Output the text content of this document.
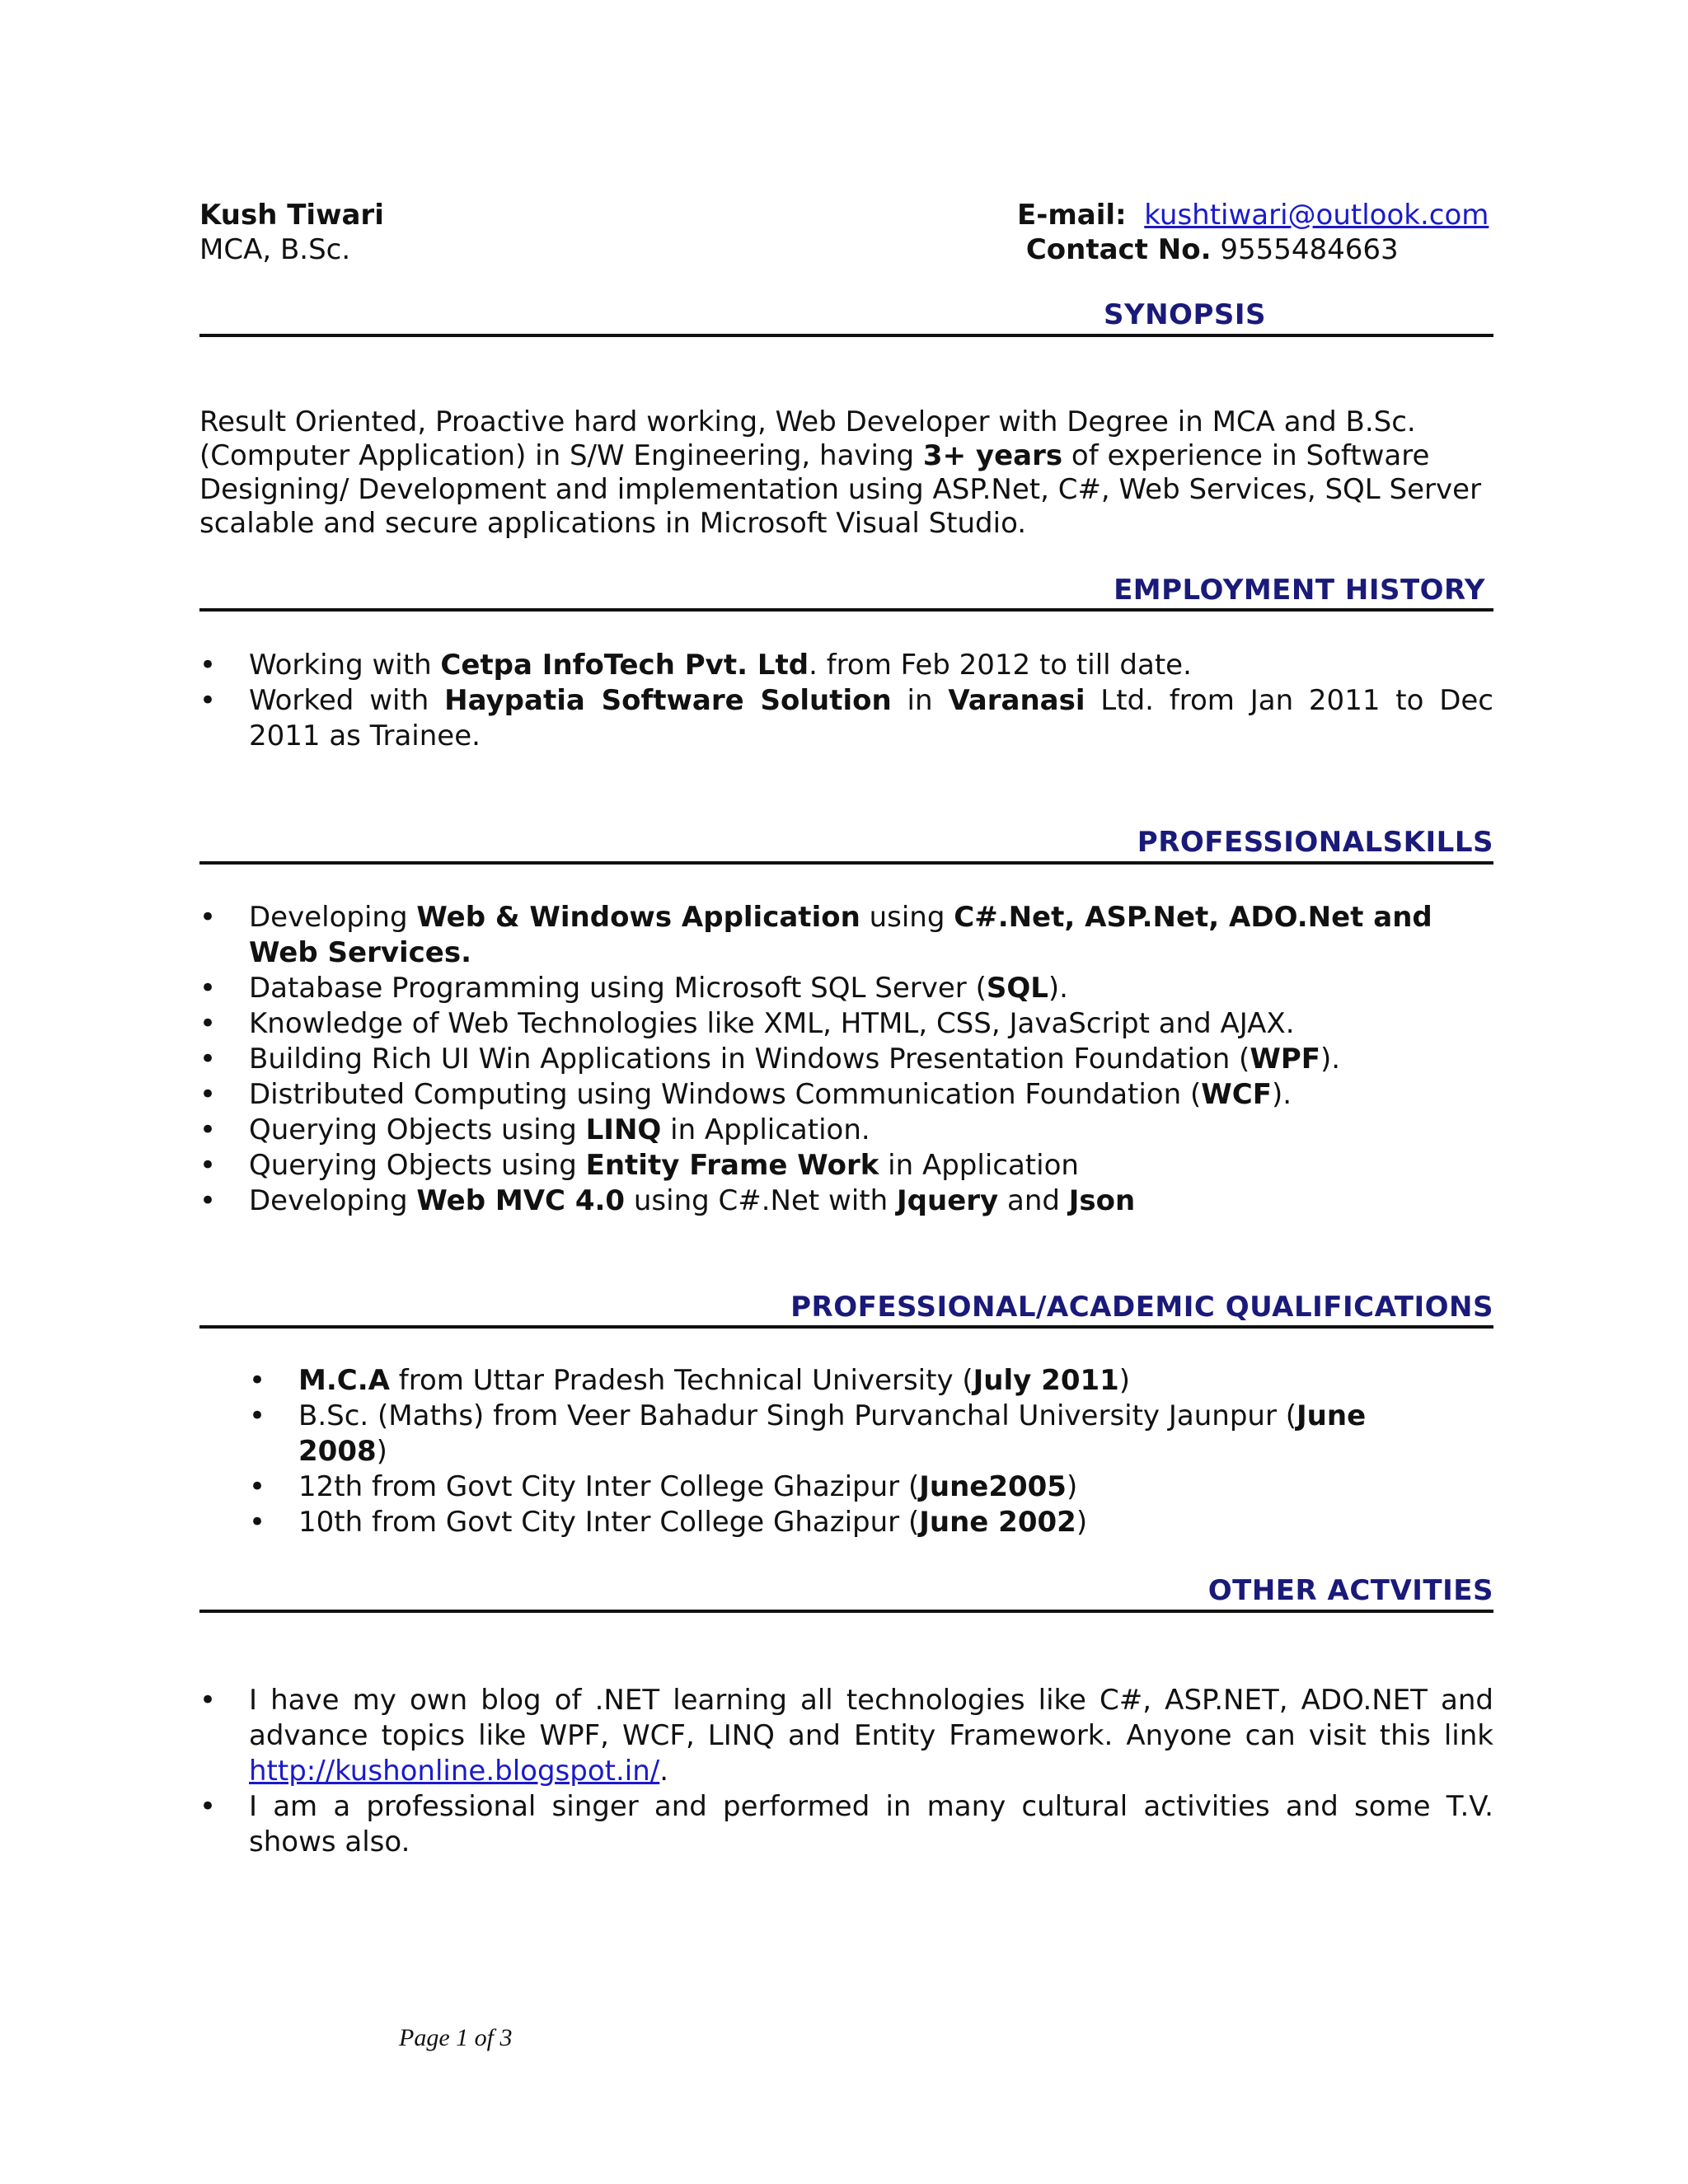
Kush Tiwari
MCA, B.Sc.
E-mail: kushtiwari@outlook.com
Contact No. 9555484663
SYNOPSIS
Result Oriented, Proactive hard working, Web Developer with Degree in MCA and B.Sc. (Computer Application) in S/W Engineering, having 3+ years of experience in Software Designing/ Development and implementation using ASP.Net, C#, Web Services, SQL Server scalable and secure applications in Microsoft Visual Studio.
EMPLOYMENT HISTORY
• Working with Cetpa InfoTech Pvt. Ltd. from Feb 2012 to till date.
• Worked with Haypatia Software Solution in Varanasi Ltd. from Jan 2011 to Dec 2011 as Trainee.
PROFESSIONALSKILLS
• Developing Web & Windows Application using C#.Net, ASP.Net, ADO.Net and Web Services.
• Database Programming using Microsoft SQL Server (SQL).
• Knowledge of Web Technologies like XML, HTML, CSS, JavaScript and AJAX.
• Building Rich UI Win Applications in Windows Presentation Foundation (WPF).
• Distributed Computing using Windows Communication Foundation (WCF).
• Querying Objects using LINQ in Application.
• Querying Objects using Entity Frame Work in Application
• Developing Web MVC 4.0 using C#.Net with Jquery and Json
PROFESSIONAL/ACADEMIC QUALIFICATIONS
• M.C.A from Uttar Pradesh Technical University (July 2011)
• B.Sc. (Maths) from Veer Bahadur Singh Purvanchal University Jaunpur (June 2008)
• 12th from Govt City Inter College Ghazipur (June2005)
• 10th from Govt City Inter College Ghazipur (June 2002)
OTHER ACTVITIES
• I have my own blog of .NET learning all technologies like C#, ASP.NET, ADO.NET and advance topics like WPF, WCF, LINQ and Entity Framework. Anyone can visit this link http://kushonline.blogspot.in/.
• I am a professional singer and performed in many cultural activities and some T.V. shows also.
Page 1 of 3
